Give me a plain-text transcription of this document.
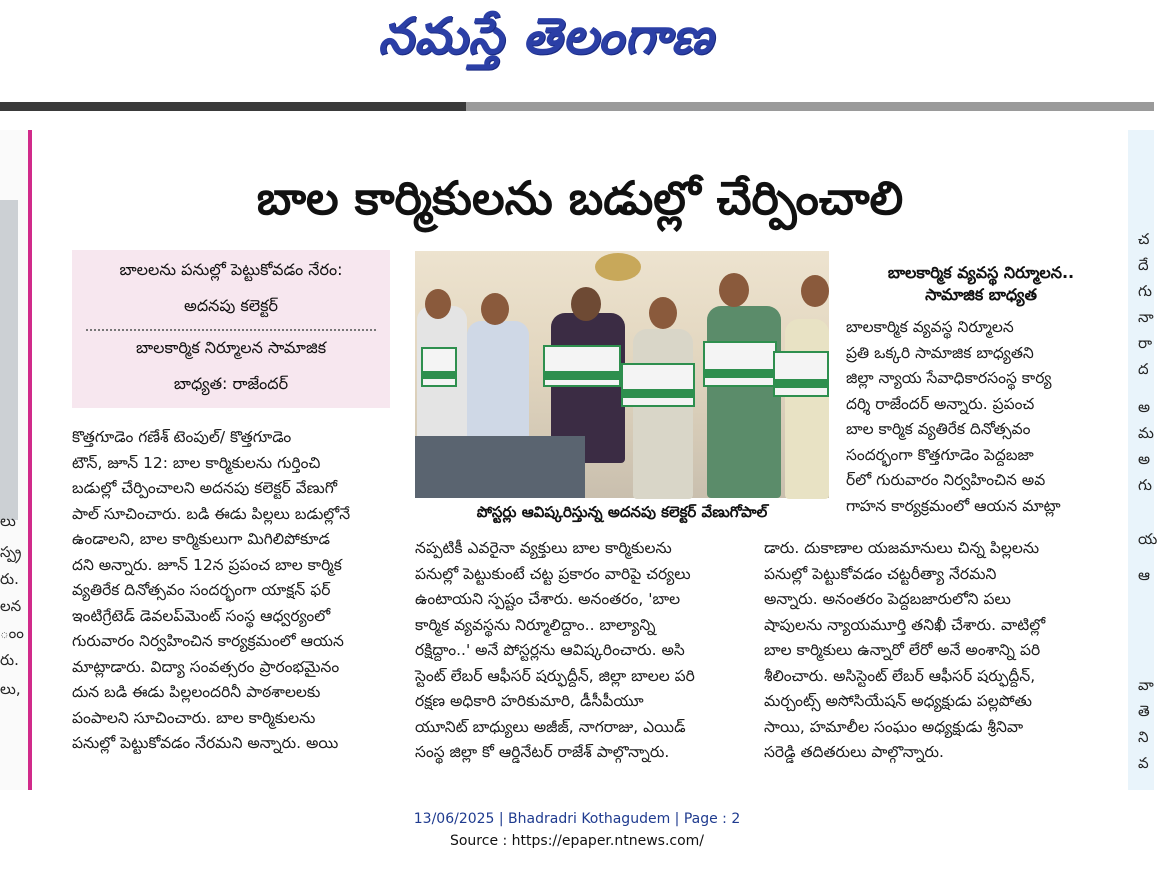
నమస్తే తెలంగాణ
లు
స్ప్ర
రు.
లన
ంం
రు.
లు,
చ
దే
గు
నా
రా
ద
అ
మ
అ
గు
య
ఆ
వా
తె
ని
వ
బాల కార్మికులను బడుల్లో చేర్పించాలి
బాలలను పనుల్లో పెట్టుకోవడం నేరం:
అదనపు కలెక్టర్
బాలకార్మిక నిర్మూలన సామాజిక
బాధ్యత: రాజేందర్
పోస్టర్లు ఆవిష్కరిస్తున్న అదనపు కలెక్టర్ వేణుగోపాల్
బాలకార్మిక వ్యవస్థ నిర్మూలన..
సామాజిక బాధ్యత
కొత్తగూడెం గణేశ్ టెంపుల్/ కొత్తగూడెం
టౌన్, జూన్ 12: బాల కార్మికులను గుర్తించి
బడుల్లో చేర్పించాలని అదనపు కలెక్టర్ వేణుగో
పాల్ సూచించారు. బడి ఈడు పిల్లలు బడుల్లోనే
ఉండాలని, బాల కార్మికులుగా మిగిలిపోకూడ
దని అన్నారు. జూన్ 12న ప్రపంచ బాల కార్మిక
వ్యతిరేక దినోత్సవం సందర్భంగా యాక్షన్ ఫర్
ఇంటిగ్రేటెడ్ డెవలప్‌మెంట్ సంస్థ ఆధ్వర్యంలో
గురువారం నిర్వహించిన కార్యక్రమంలో ఆయన
మాట్లాడారు. విద్యా సంవత్సరం ప్రారంభమైనం
దున బడి ఈడు పిల్లలందరినీ పాఠశాలలకు
పంపాలని సూచించారు. బాల కార్మికులను
పనుల్లో పెట్టుకోవడం నేరమని అన్నారు. అయి
నప్పటికీ ఎవరైనా వ్యక్తులు బాల కార్మికులను
పనుల్లో పెట్టుకుంటే చట్ట ప్రకారం వారిపై చర్యలు
ఉంటాయని స్పష్టం చేశారు. అనంతరం, 'బాల
కార్మిక వ్యవస్థను నిర్మూలిద్దాం.. బాల్యాన్ని
రక్షిద్దాం..' అనే పోస్టర్లను ఆవిష్కరించారు. అసి
స్టెంట్ లేబర్ ఆఫీసర్ షర్ఫుద్దీన్, జిల్లా బాలల పరి
రక్షణ అధికారి హరికుమారి, డీసీపీయూ
యూనిట్ బాధ్యులు అజీజ్, నాగరాజు, ఎయిడ్
సంస్థ జిల్లా కో ఆర్డినేటర్ రాజేశ్ పాల్గొన్నారు.
బాలకార్మిక వ్యవస్థ నిర్మూలన
ప్రతి ఒక్కరి సామాజిక బాధ్యతని
జిల్లా న్యాయ సేవాధికారసంస్థ కార్య
దర్శి రాజేందర్ అన్నారు. ప్రపంచ
బాల కార్మిక వ్యతిరేక దినోత్సవం
సందర్భంగా కొత్తగూడెం పెద్దబజా
ర్‌లో గురువారం నిర్వహించిన అవ
గాహన కార్యక్రమంలో ఆయన మాట్లా
డారు. దుకాణాల యజమానులు చిన్న పిల్లలను
పనుల్లో పెట్టుకోవడం చట్టరీత్యా నేరమని
అన్నారు. అనంతరం పెద్దబజారులోని పలు
షాపులను న్యాయమూర్తి తనిఖీ చేశారు. వాటిల్లో
బాల కార్మికులు ఉన్నారో లేరో అనే అంశాన్ని పరి
శీలించారు. అసిస్టెంట్ లేబర్ ఆఫీసర్ షర్ఫుద్దీన్,
మర్చంట్స్ అసోసియేషన్ అధ్యక్షుడు పల్లపోతు
సాయి, హమాలీల సంఘం అధ్యక్షుడు శ్రీనివా
సరెడ్డి తదితరులు పాల్గొన్నారు.
13/06/2025 | Bhadradri Kothagudem | Page : 2
Source : https://epaper.ntnews.com/
